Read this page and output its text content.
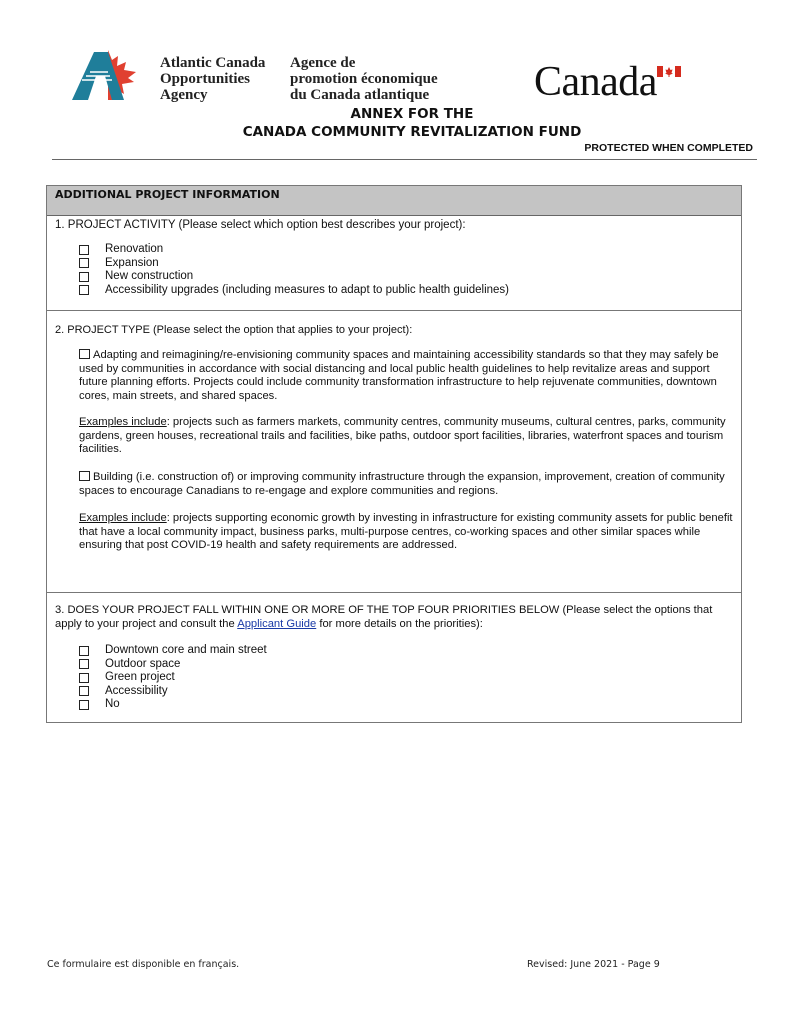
Atlantic Canada
Opportunities
Agency
Agence de
promotion économique
du Canada atlantique Canada
ANNEX FOR THE
CANADA COMMUNITY REVITALIZATION FUND
PROTECTED WHEN COMPLETED
ADDITIONAL PROJECT INFORMATION
1. PROJECT ACTIVITY (Please select which option best describes your project):
Renovation
Expansion
New construction
Accessibility upgrades (including measures to adapt to public health guidelines)
2. PROJECT TYPE (Please select the option that applies to your project):
Adapting and reimagining/re-envisioning community spaces and maintaining accessibility standards so that they may safely be used by communities in accordance with social distancing and local public health guidelines to help revitalize areas and support future planning efforts. Projects could include community transformation infrastructure to help rejuvenate communities, downtown cores, main streets, and shared spaces.
Examples include: projects such as farmers markets, community centres, community museums, cultural centres, parks, community gardens, green houses, recreational trails and facilities, bike paths, outdoor sport facilities, libraries, waterfront spaces and tourism facilities.
Building (i.e. construction of) or improving community infrastructure through the expansion, improvement, creation of community spaces to encourage Canadians to re-engage and explore communities and regions.
Examples include: projects supporting economic growth by investing in infrastructure for existing community assets for public benefit that have a local community impact, business parks, multi-purpose centres, co-working spaces and other similar spaces while ensuring that post COVID-19 health and safety requirements are addressed.
3. DOES YOUR PROJECT FALL WITHIN ONE OR MORE OF THE TOP FOUR PRIORITIES BELOW (Please select the options that apply to your project and consult the Applicant Guide for more details on the priorities):
Downtown core and main street
Outdoor space
Green project
Accessibility
No
Ce formulaire est disponible en français.	Revised: June 2021 - Page 9
